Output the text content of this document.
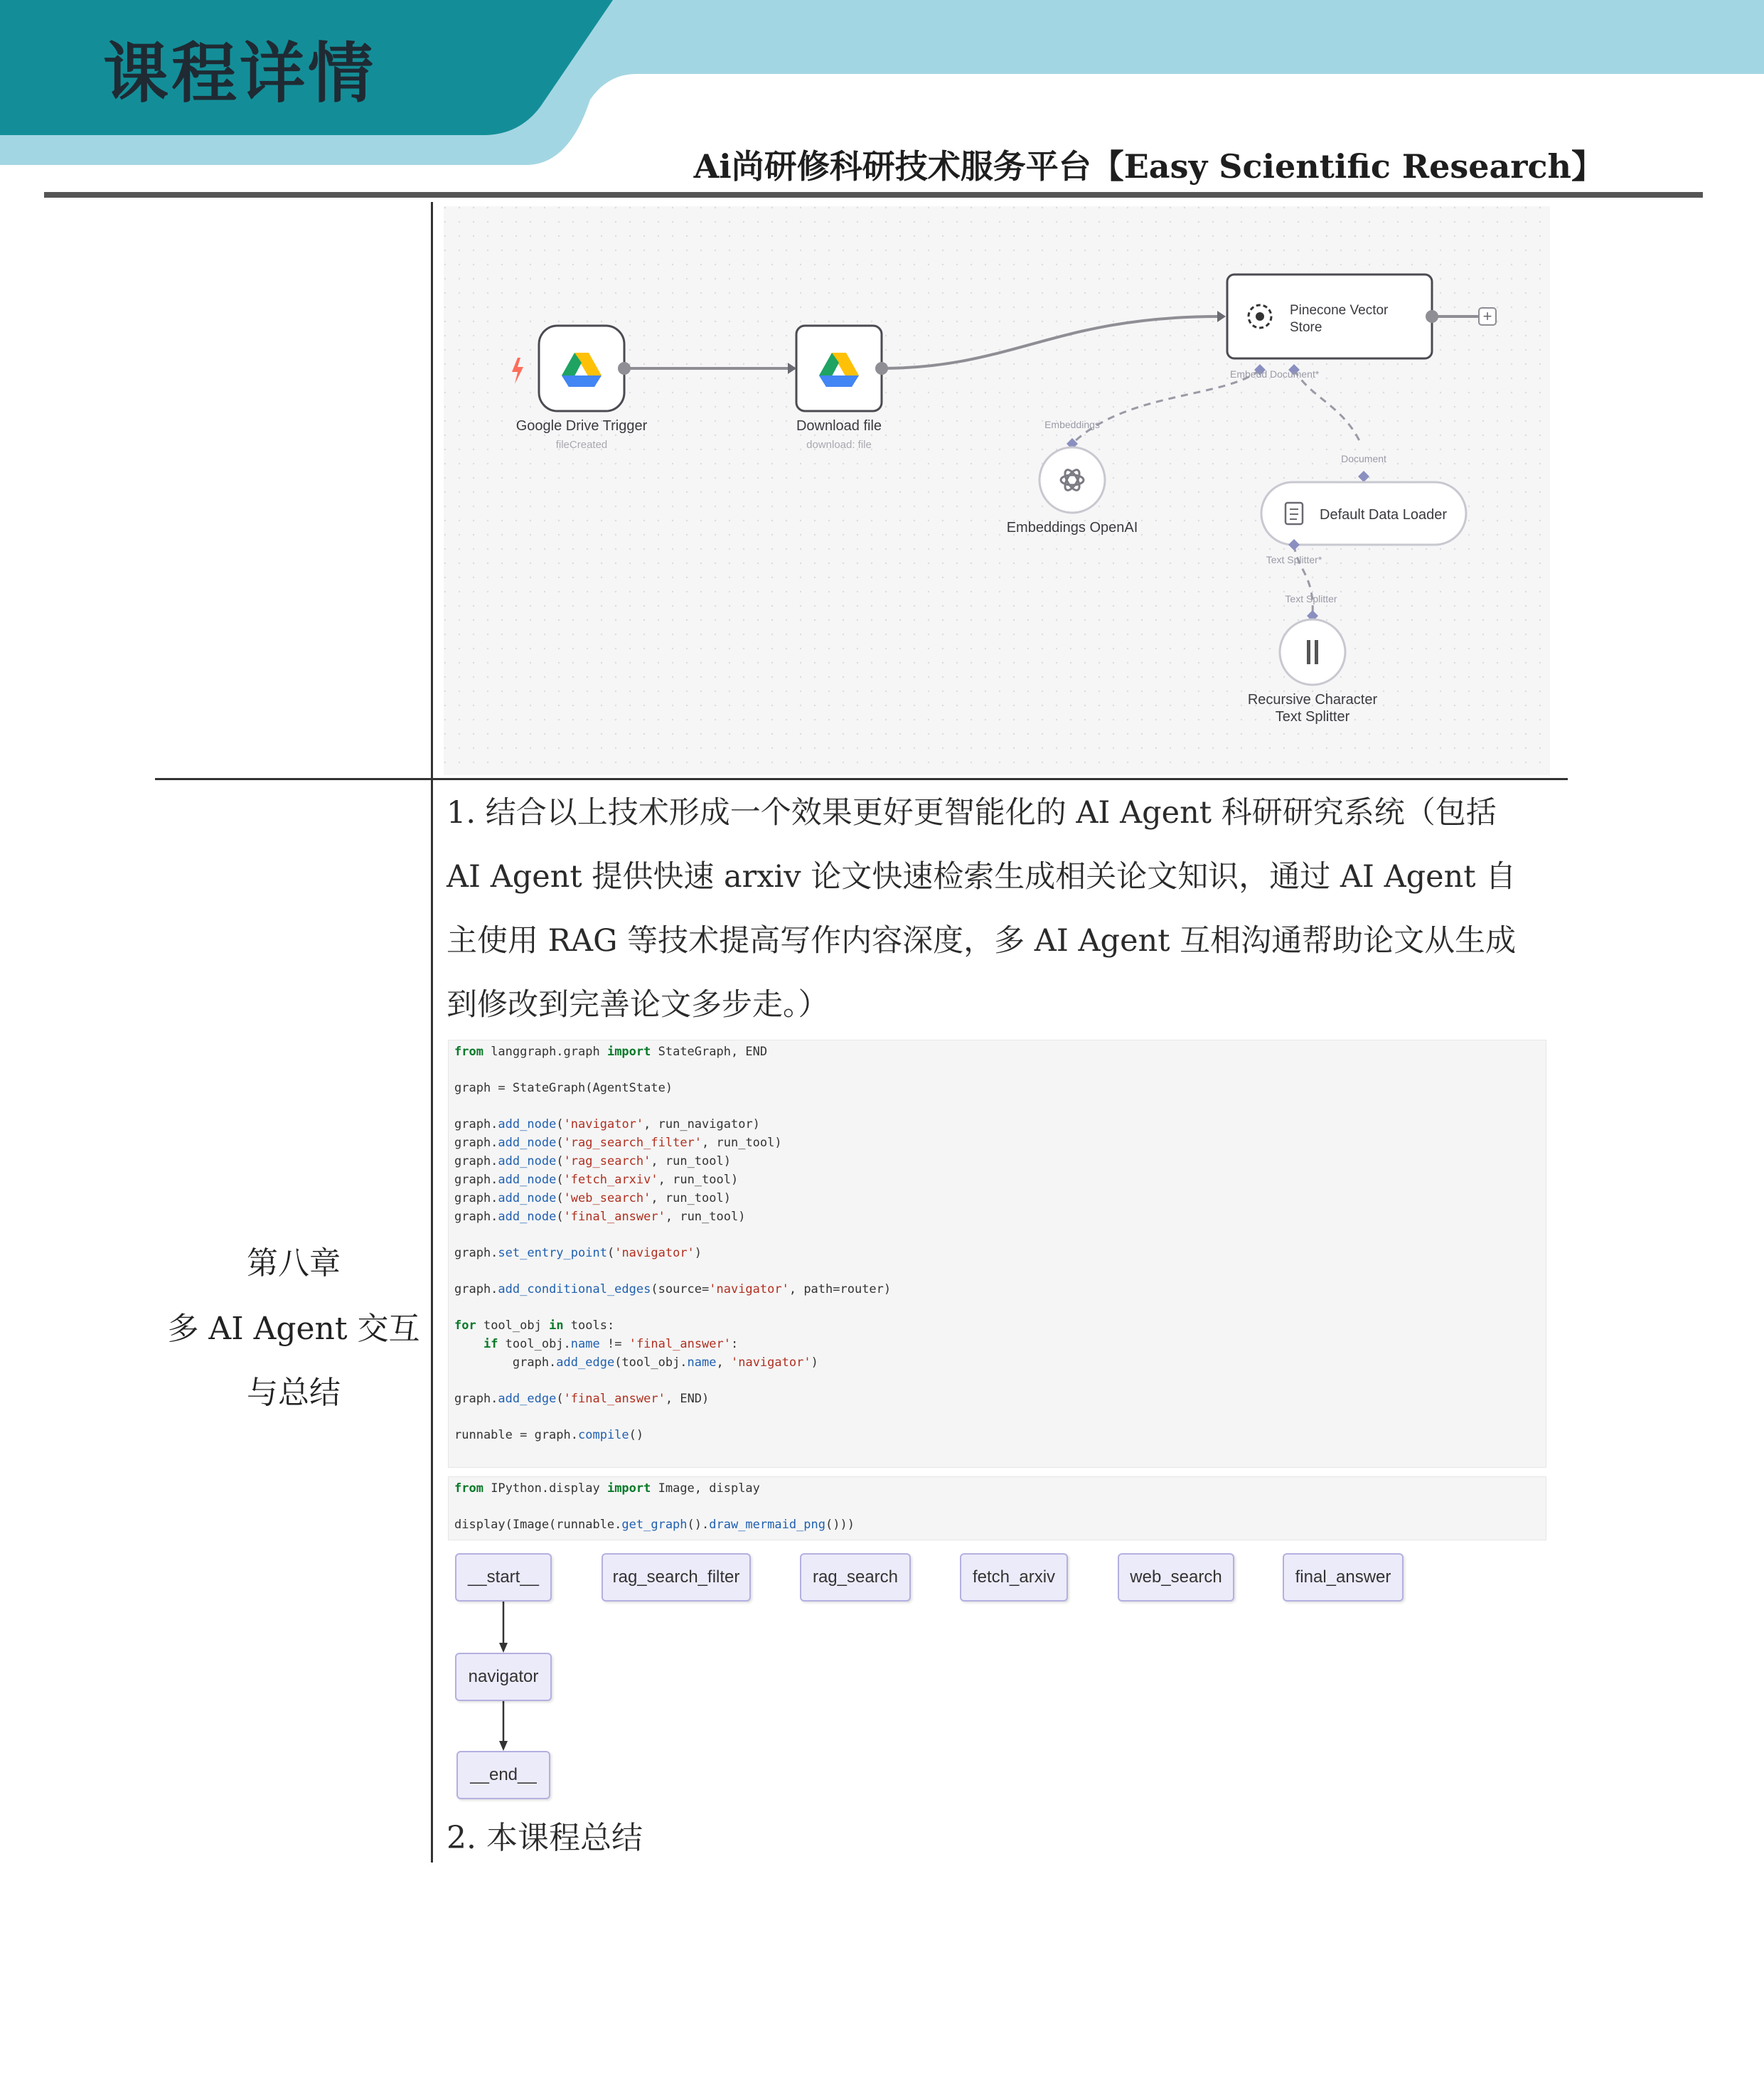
课程详情
Ai尚研修科研技术服务平台【Easy Scientific Research】
Google Drive Trigger
fileCreated
Download file
download: file
+
Pinecone Vector
Store
Embedd Document*
Embeddings
Embeddings OpenAI
Document
Default Data Loader
Text Splitter*
Text Splitter
Recursive Character
Text Splitter
第八章
多 AI Agent 交互
与总结
1. 结合以上技术形成一个效果更好更智能化的 AI Agent 科研研究系统（包括
AI Agent 提供快速 arxiv 论文快速检索生成相关论文知识，通过 AI Agent 自
主使用 RAG 等技术提高写作内容深度，多 AI Agent 互相沟通帮助论文从生成
到修改到完善论文多步走。）
from langgraph.graph import StateGraph, END
graph = StateGraph(AgentState)
graph.add_node('navigator', run_navigator)
graph.add_node('rag_search_filter', run_tool)
graph.add_node('rag_search', run_tool)
graph.add_node('fetch_arxiv', run_tool)
graph.add_node('web_search', run_tool)
graph.add_node('final_answer', run_tool)
graph.set_entry_point('navigator')
graph.add_conditional_edges(source='navigator', path=router)
for tool_obj in tools:
if tool_obj.name != 'final_answer':
graph.add_edge(tool_obj.name, 'navigator')
graph.add_edge('final_answer', END)
runnable = graph.compile()
from IPython.display import Image, display
display(Image(runnable.get_graph().draw_mermaid_png()))
__start__	rag_search_filter	rag_search	fetch_arxiv	web_search	final_answer
navigator
__end__
2. 本课程总结
